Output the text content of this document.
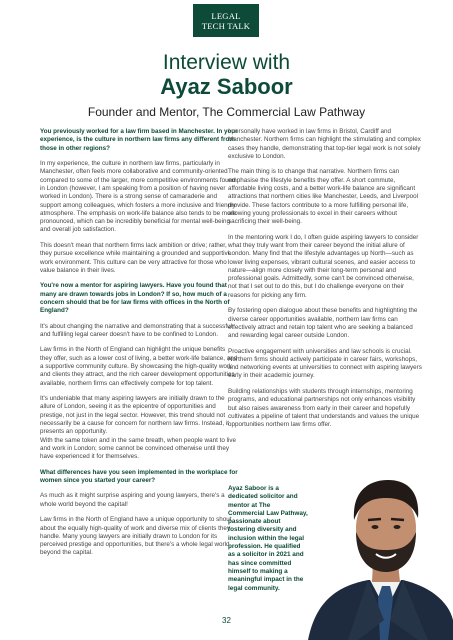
LEGAL
TECH TALK
Interview with
Ayaz Saboor
Founder and Mentor, The Commercial Law Pathway

You previously worked for a law firm based in Manchester. In your experience, is the culture in northern law firms any different from those in other regions?

In my experience, the culture in northern law firms, particularly in Manchester, often feels more collaborative and community-oriented compared to some of the larger, more competitive environments found in London (however, I am speaking from a position of having never worked in London). There is a strong sense of camaraderie and support among colleagues, which fosters a more inclusive and friendly atmosphere. The emphasis on work-life balance also tends to be more pronounced, which can be incredibly beneficial for mental well-being and overall job satisfaction.

This doesn't mean that northern firms lack ambition or drive; rather, they pursue excellence while maintaining a grounded and supportive work environment. This culture can be very attractive for those who value balance in their lives.

You're now a mentor for aspiring lawyers. Have you found that many are drawn towards jobs in London? If so, how much of a concern should that be for law firms with offices in the North of England?

It's about changing the narrative and demonstrating that a successful and fulfilling legal career doesn't have to be confined to London.

Law firms in the North of England can highlight the unique benefits they offer, such as a lower cost of living, a better work-life balance, and a supportive community culture. By showcasing the high-quality work and clients they attract, and the rich career development opportunities available, northern firms can effectively compete for top talent.

It's undeniable that many aspiring lawyers are initially drawn to the allure of London, seeing it as the epicentre of opportunities and prestige, not just in the legal sector. However, this trend should not necessarily be a cause for concern for northern law firms. Instead, it presents an opportunity.

With the same token and in the same breath, when people want to live and work in London; some cannot be convinced otherwise until they have experienced it for themselves.

What differences have you seen implemented in the workplace for women since you started your career?

As much as it might surprise aspiring and young lawyers, there's a whole world beyond the capital!

Law firms in the North of England have a unique opportunity to shout about the equally high-quality of work and diverse mix of clients they handle. Many young lawyers are initially drawn to London for its perceived prestige and opportunities, but there's a whole legal world beyond the capital.

I personally have worked in law firms in Bristol, Cardiff and Manchester. Northern firms can highlight the stimulating and complex cases they handle, demonstrating that top-tier legal work is not solely exclusive to London.

The main thing is to change that narrative. Northern firms can emphasise the lifestyle benefits they offer. A short commute, affordable living costs, and a better work-life balance are significant attractions that northern cities like Manchester, Leeds, and Liverpool provide. These factors contribute to a more fulfilling personal life, allowing young professionals to excel in their careers without sacrificing their well-being.

In the mentoring work I do, I often guide aspiring lawyers to consider what they truly want from their career beyond the initial allure of London. Many find that the lifestyle advantages up North—such as lower living expenses, vibrant cultural scenes, and easier access to nature—align more closely with their long-term personal and professional goals. Admittedly, some can't be convinced otherwise, not that I set out to do this, but I do challenge everyone on their reasons for picking any firm.

By fostering open dialogue about these benefits and highlighting the diverse career opportunities available, northern law firms can effectively attract and retain top talent who are seeking a balanced and rewarding legal career outside London.

Proactive engagement with universities and law schools is crucial. Northern firms should actively participate in career fairs, workshops, and networking events at universities to connect with aspiring lawyers early in their academic journey.

Building relationships with students through internships, mentoring programs, and educational partnerships not only enhances visibility but also raises awareness from early in their career and hopefully cultivates a pipeline of talent that understands and values the unique opportunities northern law firms offer.

Ayaz Saboor is a dedicated solicitor and mentor at The Commercial Law Pathway, passionate about fostering diversity and inclusion within the legal profession. He qualified as a solicitor in 2021 and has since committed himself to making a meaningful impact in the legal community.
32
